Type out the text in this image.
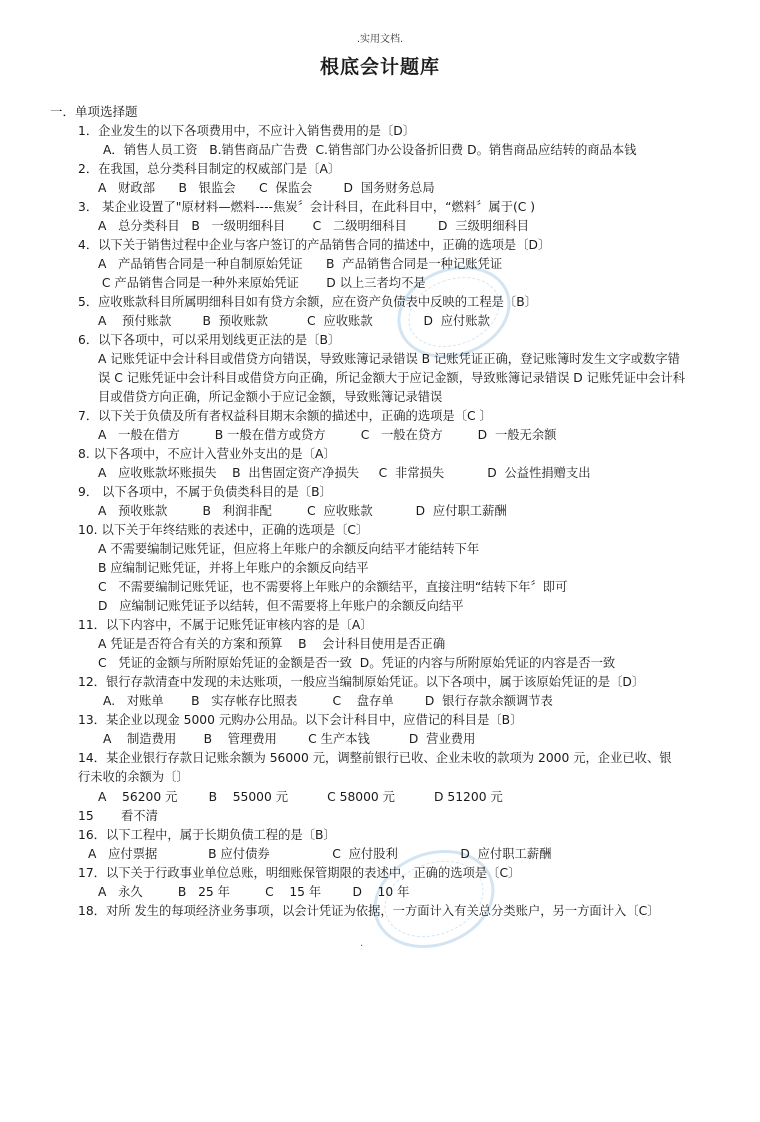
.实用文档.
根底会计题库
一．单项选择题
1．企业发生的以下各项费用中，不应计入销售费用的是〔D〕
A．销售人员工资   B.销售商品广告费  C.销售部门办公设备折旧费 D。销售商品应结转的商品本钱
2．在我国，总分类科目制定的权威部门是〔A〕
A   财政部      B   银监会      C  保监会        D  国务财务总局
3． 某企业设置了"原材料—燃料----焦炭〞会计科目，在此科目中，“燃料〞属于(C )
A   总分类科目   B   一级明细科目       C   二级明细科目        D  三级明细科目
4．以下关于销售过程中企业与客户签订的产品销售合同的描述中，正确的选项是〔D〕
A   产品销售合同是一种自制原始凭证      B  产品销售合同是一种记账凭证
C 产品销售合同是一种外来原始凭证       D 以上三者均不是
5．应收账款科目所属明细科目如有贷方余额，应在资产负债表中反映的工程是〔B〕
A    预付账款        B  预收账款          C  应收账款             D  应付账款
6．以下各项中，可以采用划线更正法的是〔B〕
A 记账凭证中会计科目或借贷方向错误，导致账簿记录错误 B 记账凭证正确，登记账簿时发生文字或数字错误 C 记账凭证中会计科目或借贷方向正确，所记金额大于应记金额，导致账簿记录错误 D 记账凭证中会计科目或借贷方向正确，所记金额小于应记金额，导致账簿记录错误
7．以下关于负债及所有者权益科目期末余额的描述中，正确的选项是〔C 〕
A   一般在借方         B 一般在借方或贷方         C   一般在贷方         D  一般无余额
8. 以下各项中，不应计入营业外支出的是〔A〕
A   应收账款坏账损失    B  出售固定资产净损失     C  非常损失           D  公益性捐赠支出
9． 以下各项中，不属于负债类科目的是〔B〕
A   预收账款         B   利润非配         C  应收账款           D  应付职工薪酬
10. 以下关于年终结账的表述中，正确的选项是〔C〕
A 不需要编制记账凭证，但应将上年账户的余额反向结平才能结转下年
B 应编制记账凭证，并将上年账户的余额反向结平
C   不需要编制记账凭证，也不需要将上年账户的余额结平，直接注明“结转下年〞即可
D   应编制记账凭证予以结转，但不需要将上年账户的余额反向结平
11．以下内容中，不属于记账凭证审核内容的是〔A〕
A 凭证是否符合有关的方案和预算    B    会计科目使用是否正确
C   凭证的金额与所附原始凭证的金额是否一致  D。凭证的内容与所附原始凭证的内容是否一致
12．银行存款清查中发现的未达账项，一般应当编制原始凭证。以下各项中，属于该原始凭证的是〔D〕
A.   对账单       B   实存帐存比照表         C    盘存单        D  银行存款余额调节表
13．某企业以现金 5000 元购办公用品。以下会计科目中，应借记的科目是〔B〕
A    制造费用       B    管理费用        C 生产本钱          D  营业费用
14．某企业银行存款日记账余额为 56000 元，调整前银行已收、企业未收的款项为 2000 元，企业已收、银行未收的余额为〔〕
A    56200 元        B    55000 元          C 58000 元          D 51200 元
15       看不清
16．以下工程中，属于长期负债工程的是〔B〕
A   应付票据             B 应付债券                C  应付股利                D  应付职工薪酬
17．以下关于行政事业单位总账，明细账保管期限的表述中，正确的选项是〔C〕
A   永久         B   25 年         C    15 年        D    10 年
18．对所 发生的每项经济业务事项，以会计凭证为依据，一方面计入有关总分类账户，另一方面计入〔C〕
.
